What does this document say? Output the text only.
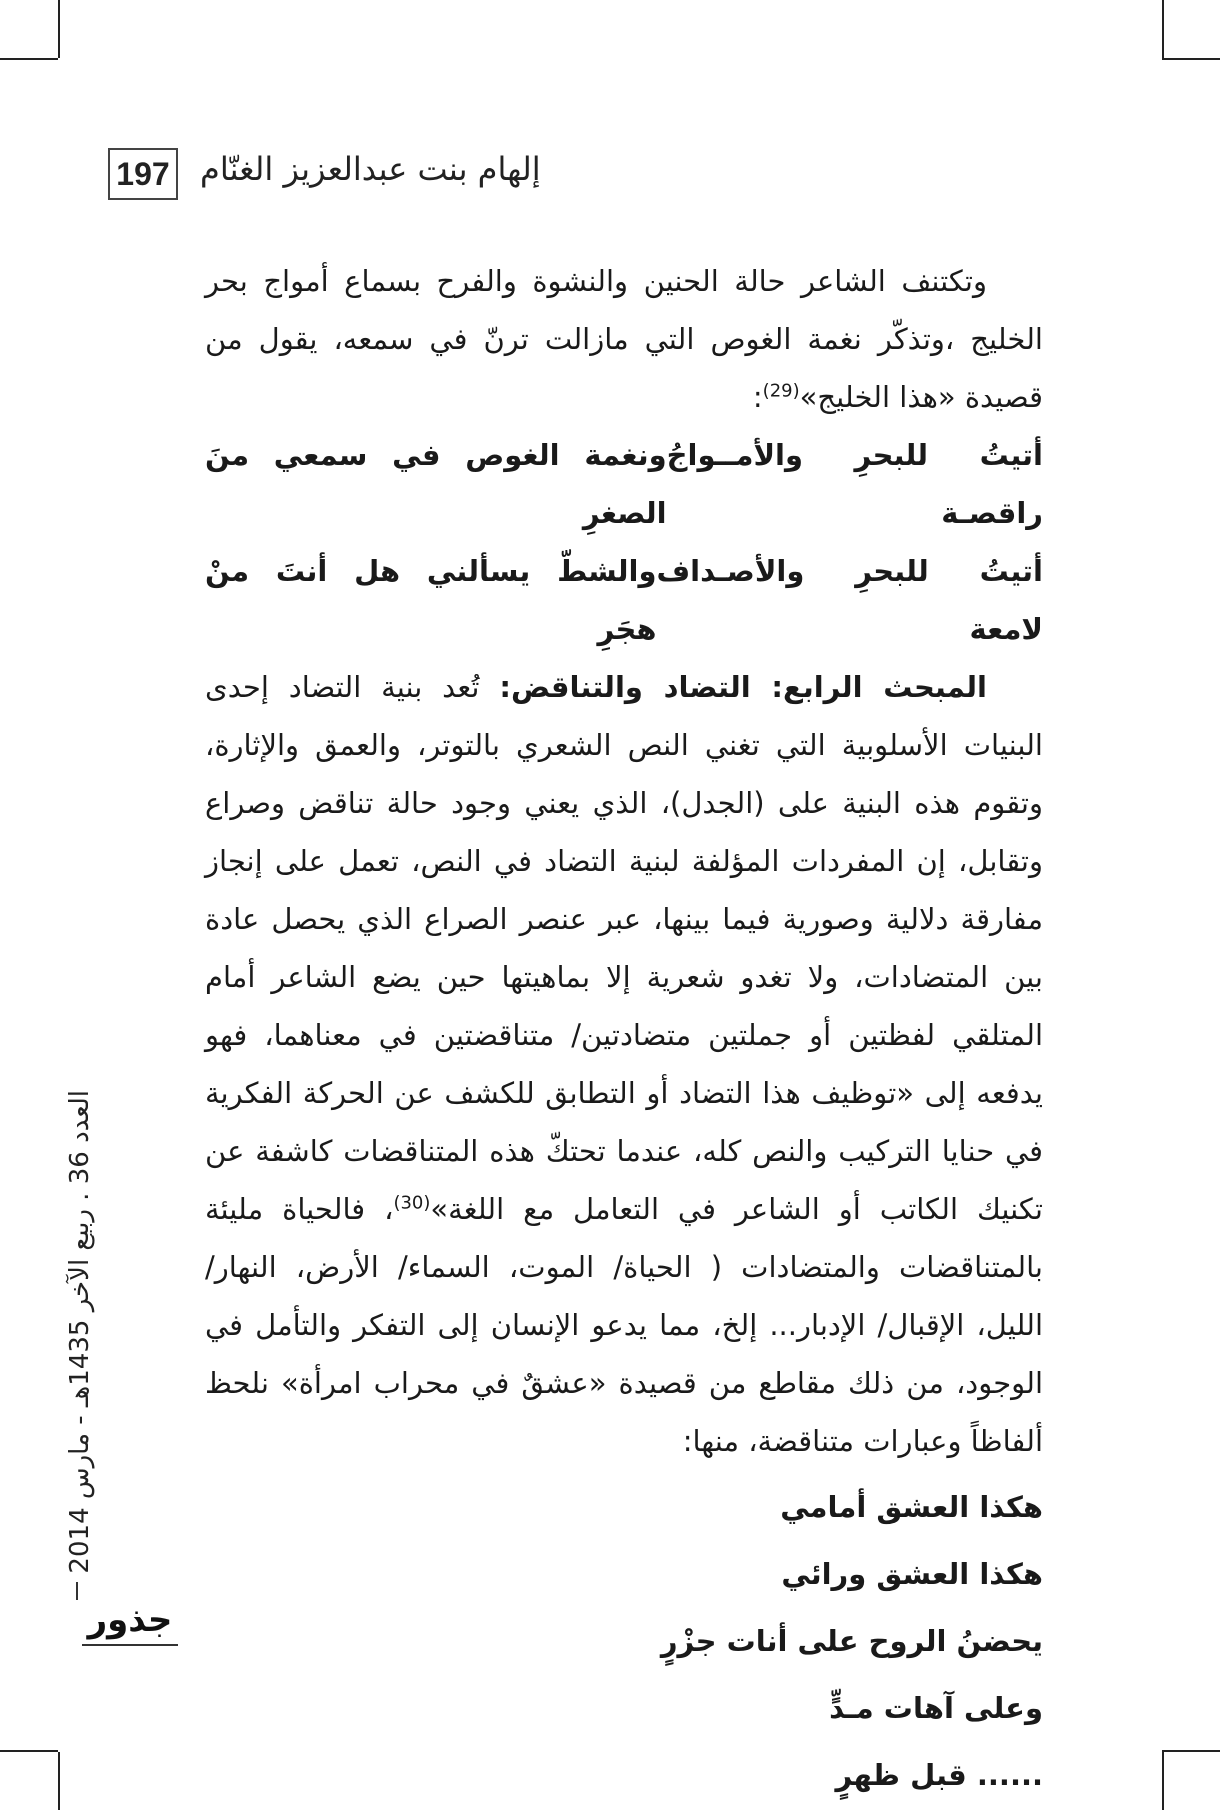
197 إلهام بنت عبدالعزيز الغنّام

وتكتنف الشاعر حالة الحنين والنشوة والفرح بسماع أمواج بحر الخليج ،وتذكّر نغمة الغوص التي مازالت ترنّ في سمعه، يقول من قصيدة «هذا الخليج»$^{(29)}$:

أتيتُ للبحرِ والأمــواجُ راقصـة
ونغمة الغوص في سمعي منَ الصغرِ
أتيتُ للبحرِ والأصـداف لامعة
والشطّ يسألني هل أنتَ منْ هجَرِ

المبحث الرابع: التضاد والتناقض: تُعد بنية التضاد إحدى البنيات الأسلوبية التي تغني النص الشعري بالتوتر، والعمق والإثارة، وتقوم هذه البنية على (الجدل)، الذي يعني وجود حالة تناقض وصراع وتقابل، إن المفردات المؤلفة لبنية التضاد في النص، تعمل على إنجاز مفارقة دلالية وصورية فيما بينها، عبر عنصر الصراع الذي يحصل عادة بين المتضادات، ولا تغدو شعرية إلا بماهيتها حين يضع الشاعر أمام المتلقي لفظتين أو جملتين متضادتين/ متناقضتين في معناهما، فهو يدفعه إلى «توظيف هذا التضاد أو التطابق للكشف عن الحركة الفكرية في حنايا التركيب والنص كله، عندما تحتكّ هذه المتناقضات كاشفة عن تكنيك الكاتب أو الشاعر في التعامل مع اللغة»$^{(30)}$، فالحياة مليئة بالمتناقضات والمتضادات ( الحياة/ الموت، السماء/ الأرض، النهار/ الليل، الإقبال/ الإدبار... إلخ، مما يدعو الإنسان إلى التفكر والتأمل في الوجود، من ذلك مقاطع من قصيدة «عشقٌ في محراب امرأة» نلحظ ألفاظاً وعبارات متناقضة، منها:

هكذا العشق أمامي

هكذا العشق ورائي

يحضنُ الروح على أنات جزْرٍ

وعلى آهات مـدٍّ

...... قبل ظهرٍ

العدد 36 . ربيع الآخر 1435هـ - مارس 2014
جذور
